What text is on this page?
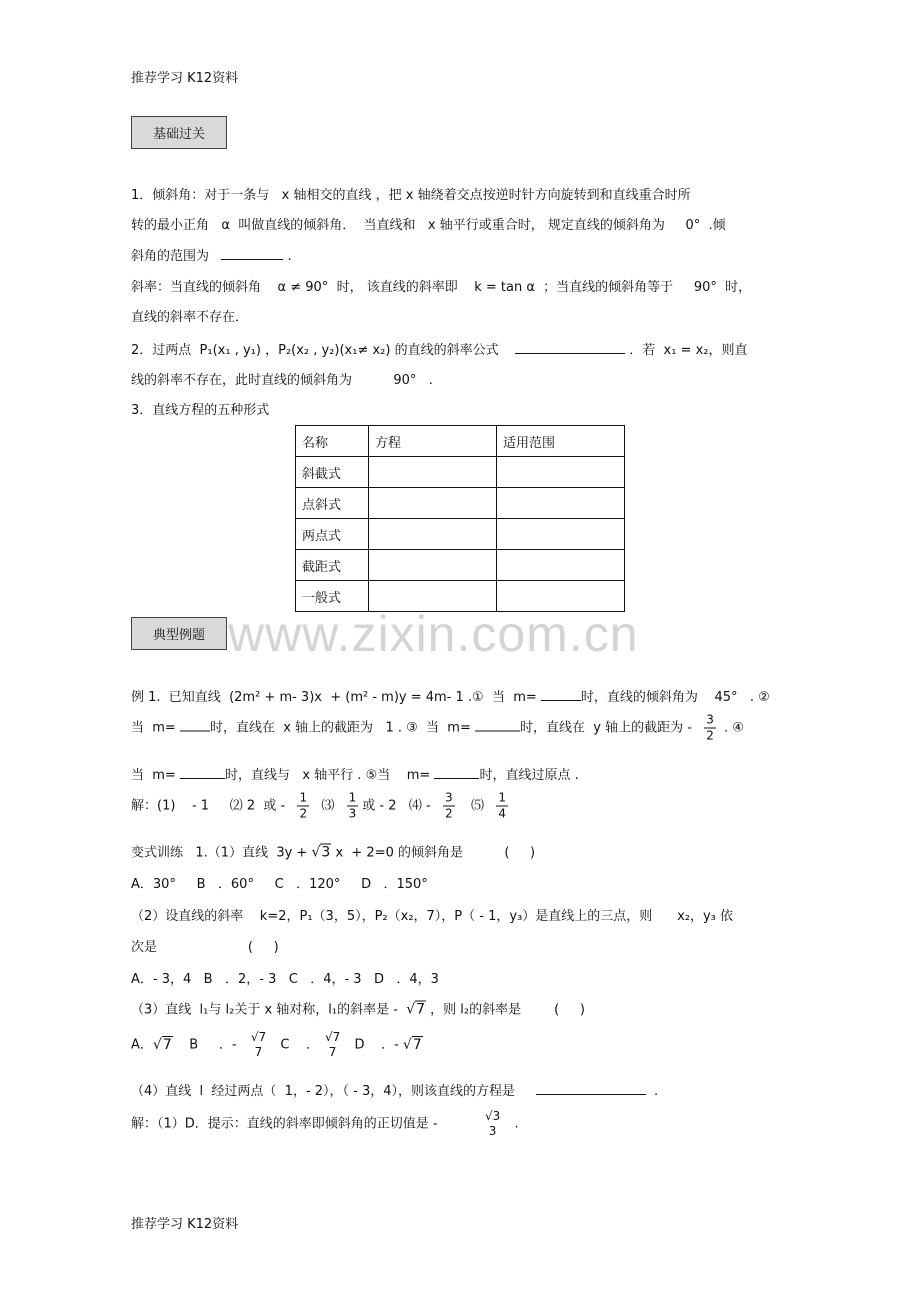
推荐学习 K12资料
基础过关
1．倾斜角：对于一条与   x 轴相交的直线 ，把 x 轴绕着交点按逆时针方向旋转到和直线重合时所
转的最小正角   α  叫做直线的倾斜角．  当直线和   x 轴平行或重合时， 规定直线的倾斜角为     0°  .倾
斜角的范围为	.
斜率：当直线的倾斜角    α ≠ 90°  时， 该直线的斜率即    k = tan α  ；当直线的倾斜角等于     90°  时，
直线的斜率不存在．
2．过两点  P₁(x₁ , y₁) ，P₂(x₂ , y₂)(x₁≠ x₂) 的直线的斜率公式	．若  x₁ = x₂，则直
线的斜率不存在，此时直线的倾斜角为          90°   .
3．直线方程的五种形式
例 1.  已知直线  (2m² + m- 3)x  + (m² - m)y = 4m- 1 .①  当  m=	时，直线的倾斜角为    45°   . ②
当  m= 时，直线在  x 轴上的截距为   1 . ③  当  m=	时，直线在  y 轴上的截距为 - $\frac{3}{2}$ . ④
当  m=	时，直线与   x 轴平行 . ⑤当    m=	时，直线过原点 .
解：(1)    - 1     ⑵ 2  或 - $\frac{1}{2}$ ⑶ $\frac{1}{3}$ 或 - 2   ⑷ - $\frac{3}{2}$ ⑸ $\frac{1}{4}$
变式训练   1.（1）直线  3y + √3 x  + 2=0 的倾斜角是          (     )
A．30°     B   ．60°     C   ．120°     D   ．150°
（2）设直线的斜率    k=2，P₁（3，5），P₂（x₂，7），P（ - 1，y₃）是直线上的三点，则      x₂，y₃ 依
次是                      (     )
A．- 3，4   B   ．2，- 3   C   ．4，- 3   D   ．4，3
（3）直线  l₁与 l₂关于 x 轴对称，l₁的斜率是 -  √7 ，则 l₂的斜率是        (     )
A．√7    B     ．-
√7
7 C    ．
√7
7 D    ．- √7
（4）直线  l  经过两点（  1，- 2），（ - 3，4），则该直线的方程是	.
解：（1）D．提示：直线的斜率即倾斜角的正切值是 -
√3
3 .
名称	方程	适用范围
斜截式		
点斜式		
两点式		
截距式		
一般式		
典型例题 www.zixin.com.cn
推荐学习 K12资料
